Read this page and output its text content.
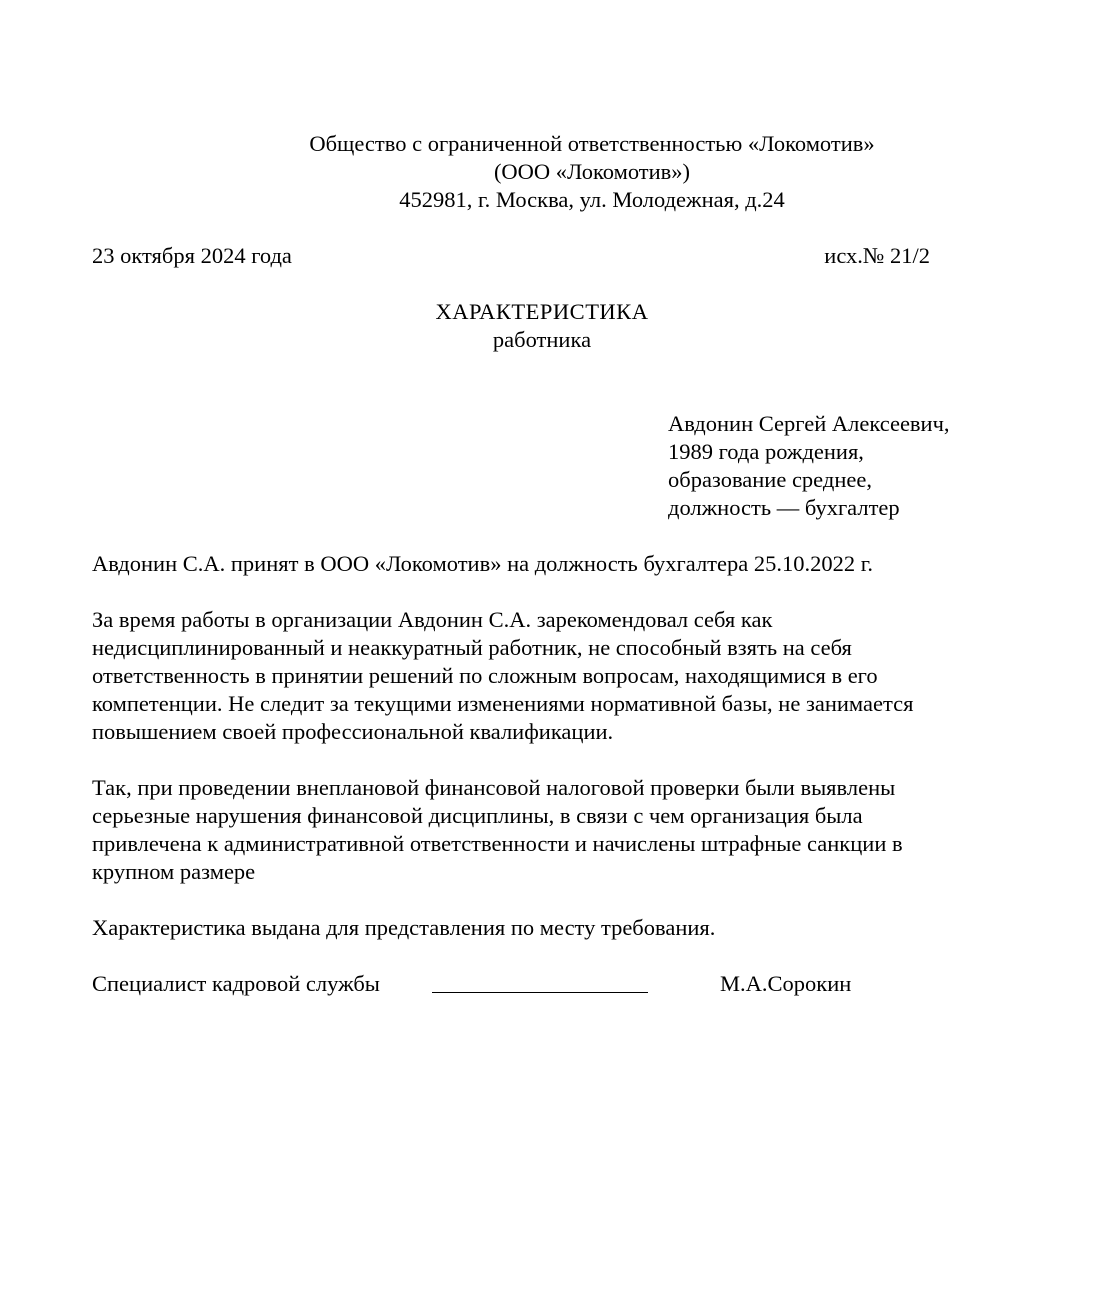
Общество с ограниченной ответственностью «Локомотив»
(ООО «Локомотив»)
452981, г. Москва, ул. Молодежная, д.24
23 октября 2024 года	исх.№ 21/2
ХАРАКТЕРИСТИКА
работника
Авдонин Сергей Алексеевич,
1989 года рождения,
образование среднее,
должность — бухгалтер
Авдонин С.А. принят в ООО «Локомотив» на должность бухгалтера 25.10.2022 г.
За время работы в организации Авдонин С.А. зарекомендовал себя как
недисциплинированный и неаккуратный работник, не способный взять на себя
ответственность в принятии решений по сложным вопросам, находящимися в его
компетенции. Не следит за текущими изменениями нормативной базы, не занимается
повышением своей профессиональной квалификации.
Так, при проведении внеплановой финансовой налоговой проверки были выявлены
серьезные нарушения финансовой дисциплины, в связи с чем организация была
привлечена к административной ответственности и начислены штрафные санкции в
крупном размере
Характеристика выдана для представления по месту требования.
Специалист кадровой службы	М.А.Сорокин
